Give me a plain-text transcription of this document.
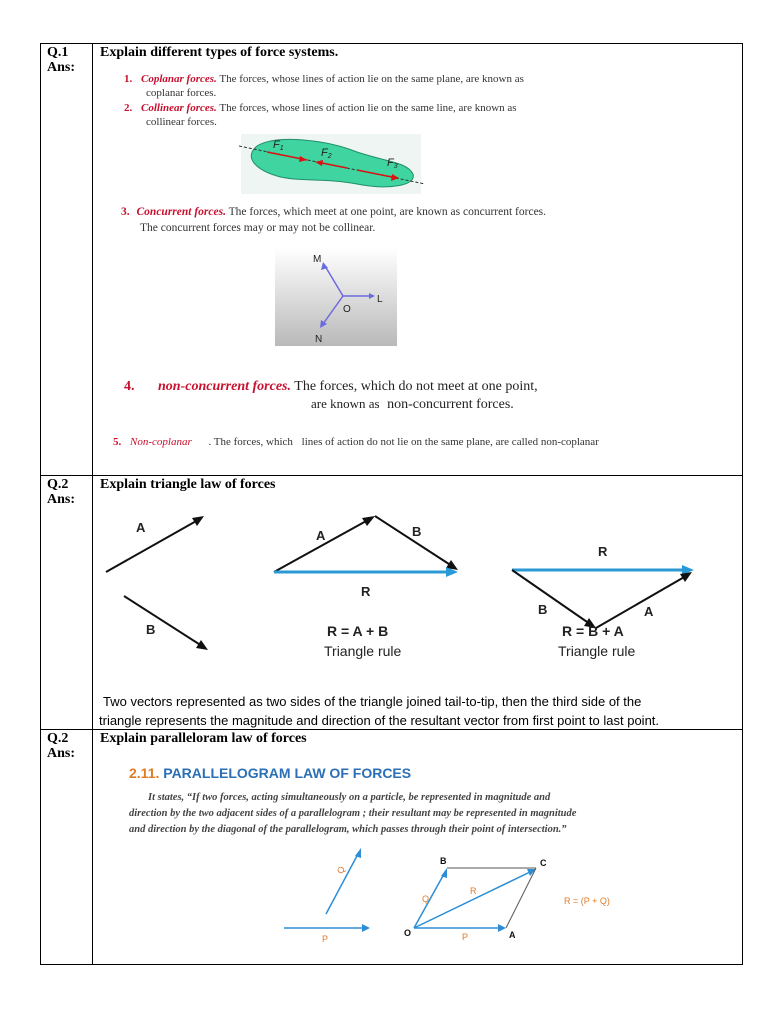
Q.1
Ans:
Explain different types of force systems.
1. Coplanar forces. The forces, whose lines of action lie on the same plane, are known as
coplanar forces.
2. Collinear forces. The forces, whose lines of action lie on the same line, are known as
collinear forces.
F1	F2
F3
3. Concurrent forces. The forces, which meet at one point, are known as concurrent forces.
The concurrent forces may or may not be collinear.
M
L
N
O
4. non-concurrent forces. The forces, which do not meet at one point,
are known as non-concurrent forces.
5. Non-coplanar . The forces, which lines of action do not lie on the same plane, are called non-coplanar
Q.2
Ans:
Explain triangle law of forces
A
B
A	B
R
R = A + B
Triangle rule
R
B	A
R = B + A
Triangle rule
Two vectors represented as two sides of the triangle joined tail-to-tip, then the third side of the
triangle represents the magnitude and direction of the resultant vector from first point to last point.
Q.2
Ans:
Explain paralleloram law of forces
2.11. PARALLELOGRAM LAW OF FORCES
It states, “If two forces, acting simultaneously on a particle, be represented in magnitude and
direction by the two adjacent sides of a parallelogram ; their resultant may be represented in magnitude
and direction by the diagonal of the parallelogram, which passes through their point of intersection.”
P
Q
O	A
B	C
P
Q
R
R = (P + Q)
